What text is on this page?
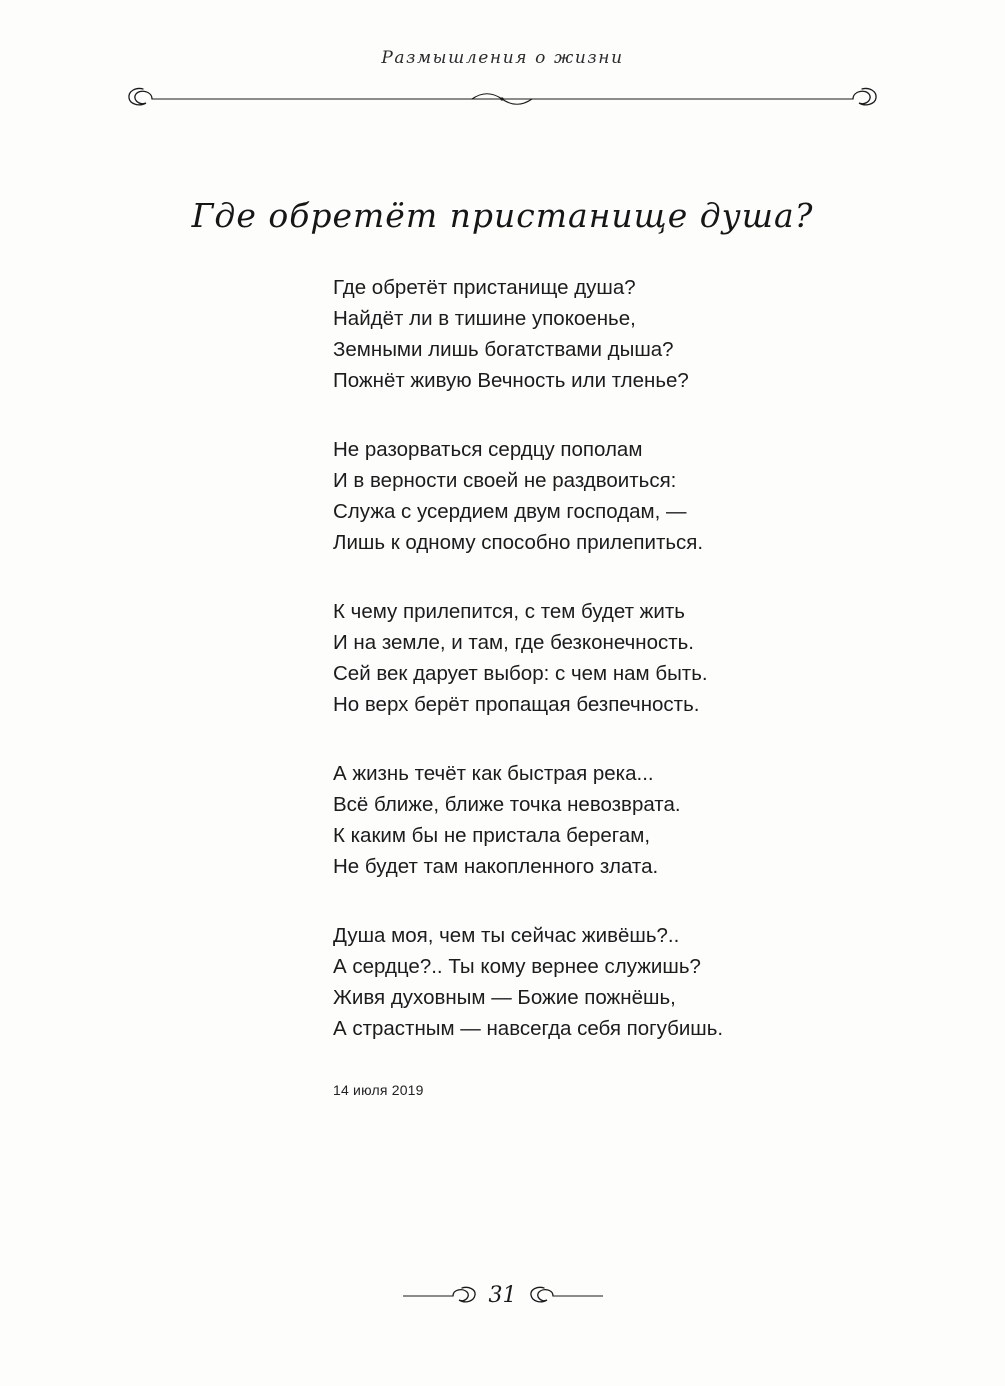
Размышления о жизни
Где обретёт пристанище душа?
Где обретёт пристанище душа?
Найдёт ли в тишине упокоенье,
Земными лишь богатствами дыша?
Пожнёт живую Вечность или тленье?
Не разорваться сердцу пополам
И в верности своей не раздвоиться:
Служа с усердием двум господам, —
Лишь к одному способно прилепиться.
К чему прилепится, с тем будет жить
И на земле, и там, где безконечность.
Сей век дарует выбор: с чем нам быть.
Но верх берёт пропащая безпечность.
А жизнь течёт как быстрая река...
Всё ближе, ближе точка невозврата.
К каким бы не пристала берегам,
Не будет там накопленного злата.
Душа моя, чем ты сейчас живёшь?..
А сердце?.. Ты кому вернее служишь?
Живя духовным — Божие пожнёшь,
А страстным — навсегда себя погубишь.
14 июля 2019
31
